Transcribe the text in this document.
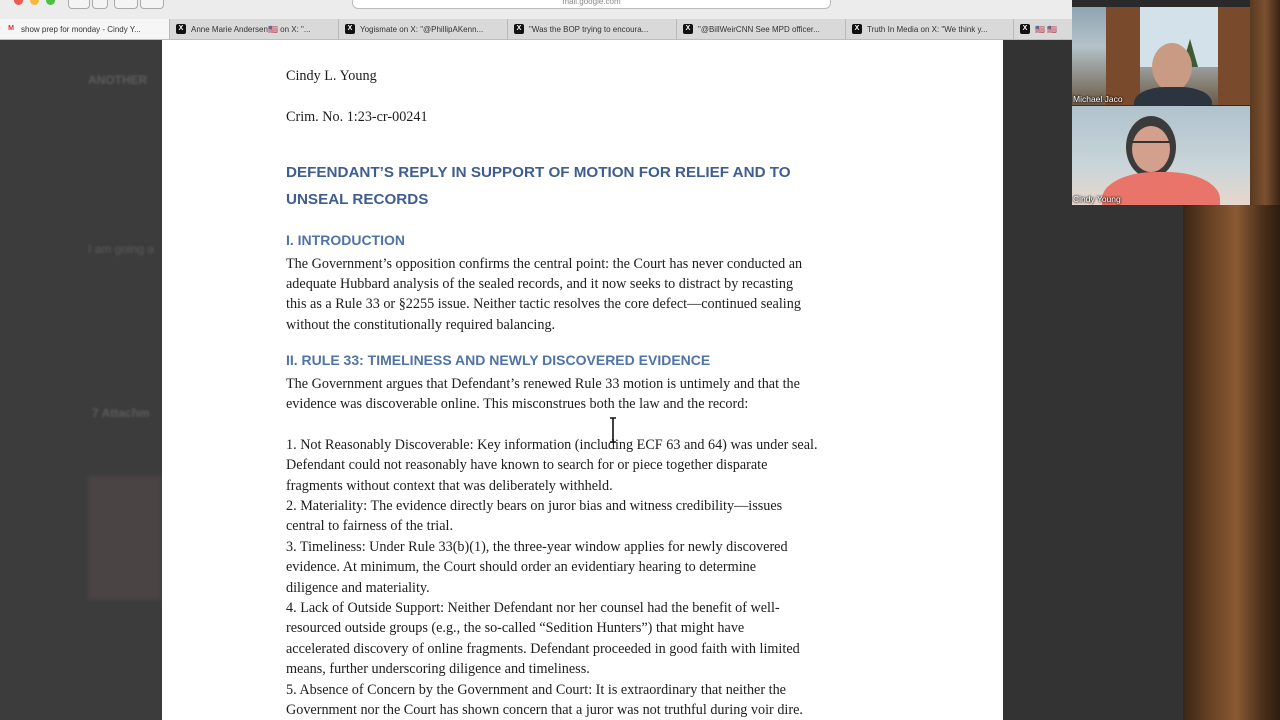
mail.google.com
M show prep for monday - Cindy Y...	X Anne Marie Andersen🇺🇸 on X: "...	X Yogismate on X: "@PhillipAKenn...	X "Was the BOP trying to encoura...	X "@BillWeirCNN See MPD officer...	X Truth In Media on X: "We think y...	X 🇺🇸 🇺🇸
ANOTHER
I am going a
7 Attachm
Cindy L. Young
Crim. No. 1:23-cr-00241
DEFENDANT’S REPLY IN SUPPORT OF MOTION FOR RELIEF AND TO
UNSEAL RECORDS
I. INTRODUCTION
The Government’s opposition confirms the central point: the Court has never conducted an
adequate Hubbard analysis of the sealed records, and it now seeks to distract by recasting
this as a Rule 33 or §2255 issue. Neither tactic resolves the core defect—continued sealing
without the constitutionally required balancing.
II. RULE 33: TIMELINESS AND NEWLY DISCOVERED EVIDENCE
The Government argues that Defendant’s renewed Rule 33 motion is untimely and that the
evidence was discoverable online. This misconstrues both the law and the record:
1. Not Reasonably Discoverable: Key information (including ECF 63 and 64) was under seal.
Defendant could not reasonably have known to search for or piece together disparate
fragments without context that was deliberately withheld.
2. Materiality: The evidence directly bears on juror bias and witness credibility—issues
central to fairness of the trial.
3. Timeliness: Under Rule 33(b)(1), the three-year window applies for newly discovered
evidence. At minimum, the Court should order an evidentiary hearing to determine
diligence and materiality.
4. Lack of Outside Support: Neither Defendant nor her counsel had the benefit of well-
resourced outside groups (e.g., the so-called “Sedition Hunters”) that might have
accelerated discovery of online fragments. Defendant proceeded in good faith with limited
means, further underscoring diligence and timeliness.
5. Absence of Concern by the Government and Court: It is extraordinary that neither the
Government nor the Court has shown concern that a juror was not truthful during voir dire.
Michael Jaco
Cindy Young
